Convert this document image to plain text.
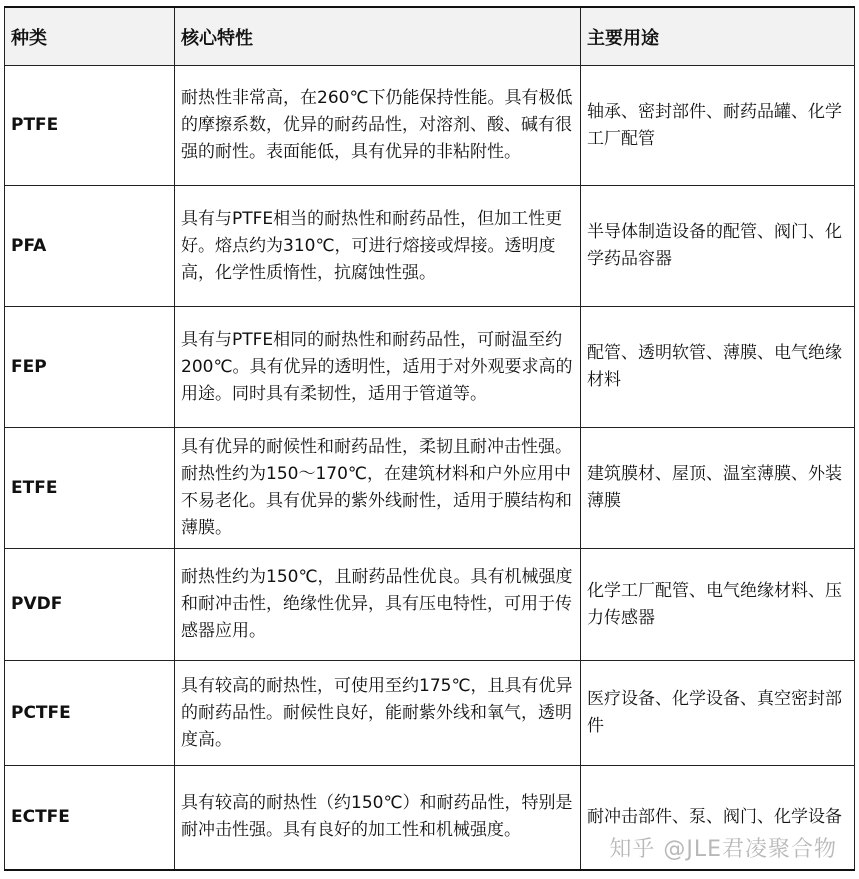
种类	核心特性	主要用途
PTFE	耐热性非常高，在260℃下仍能保持性能。具有极低的摩擦系数，优异的耐药品性，对溶剂、酸、碱有很强的耐性。表面能低，具有优异的非粘附性。	轴承、密封部件、耐药品罐、化学工厂配管
PFA	具有与PTFE相当的耐热性和耐药品性，但加工性更好。熔点约为310℃，可进行熔接或焊接。透明度高，化学性质惰性，抗腐蚀性强。	半导体制造设备的配管、阀门、化学药品容器
FEP	具有与PTFE相同的耐热性和耐药品性，可耐温至约200℃。具有优异的透明性，适用于对外观要求高的用途。同时具有柔韧性，适用于管道等。	配管、透明软管、薄膜、电气绝缘材料
ETFE	具有优异的耐候性和耐药品性，柔韧且耐冲击性强。耐热性约为150～170℃，在建筑材料和户外应用中不易老化。具有优异的紫外线耐性，适用于膜结构和薄膜。	建筑膜材、屋顶、温室薄膜、外装薄膜
PVDF	耐热性约为150℃，且耐药品性优良。具有机械强度和耐冲击性，绝缘性优异，具有压电特性，可用于传感器应用。	化学工厂配管、电气绝缘材料、压力传感器
PCTFE	具有较高的耐热性，可使用至约175℃，且具有优异的耐药品性。耐候性良好，能耐紫外线和氧气，透明度高。	医疗设备、化学设备、真空密封部件
ECTFE	具有较高的耐热性（约150℃）和耐药品性，特别是耐冲击性强。具有良好的加工性和机械强度。	耐冲击部件、泵、阀门、化学设备
知乎 @JLE君凌聚合物
